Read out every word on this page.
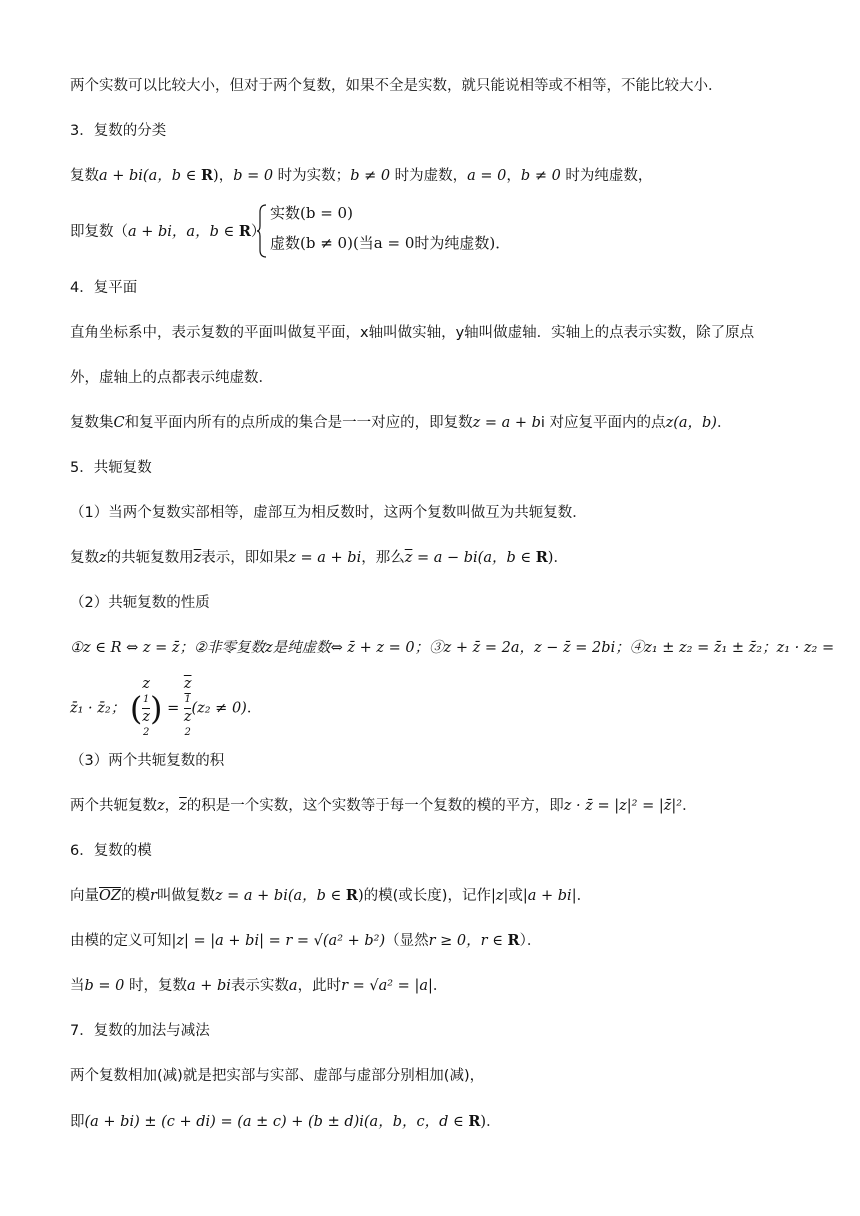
两个实数可以比较大小，但对于两个复数，如果不全是实数，就只能说相等或不相等，不能比较大小．
3．复数的分类
复数a + bi(a，b ∈ R)，b = 0 时为实数；b ≠ 0 时为虚数，a = 0，b ≠ 0 时为纯虚数，
即复数（a + bi，a，b ∈ R）
实数(b = 0)
虚数(b ≠ 0)(当a = 0时为纯虚数)．
4．复平面
直角坐标系中，表示复数的平面叫做复平面，x轴叫做实轴，y轴叫做虚轴．实轴上的点表示实数，除了原点
外，虚轴上的点都表示纯虚数．
复数集C和复平面内所有的点所成的集合是一一对应的，即复数z = a + bi 对应复平面内的点z(a，b)．
5．共轭复数
（1）当两个复数实部相等，虚部互为相反数时，这两个复数叫做互为共轭复数．
复数z的共轭复数用$\overline{z}$表示，即如果z = a + bi，那么$\overline{z} = a - bi(a$，b ∈ R)．
（2）共轭复数的性质
①z ∈ R ⇔ z = z̄；②非零复数z是纯虚数⇔ z̄ + z = 0；③z + z̄ = 2a，z − z̄ = 2bi；④z₁ ± z₂ = z̄₁ ± z̄₂；z₁ · z₂ =
z̄₁ · z̄₂； ( z
1
z
2 ) = z
1
z
2 (z₂ ≠ 0)．
（3）两个共轭复数的积
两个共轭复数z，$\overline{z}$的积是一个实数，这个实数等于每一个复数的模的平方，即z · z̄ = |z|² = |z̄|²．
6．复数的模
向量$\overline{OZ}$的模r叫做复数z = a + bi(a，b ∈ R)的模(或长度)，记作|z|或|a + bi|．
由模的定义可知|z| = |a + bi| = r = √(a² + b²)（显然r ≥ 0，r ∈ R）．
当b = 0 时，复数a + bi表示实数a，此时r = √a² = |a|．
7．复数的加法与减法
两个复数相加(减)就是把实部与实部、虚部与虚部分别相加(减)，
即(a + bi) ± (c + di) = (a ± c) + (b ± d)i(a，b，c，d ∈ R)．
